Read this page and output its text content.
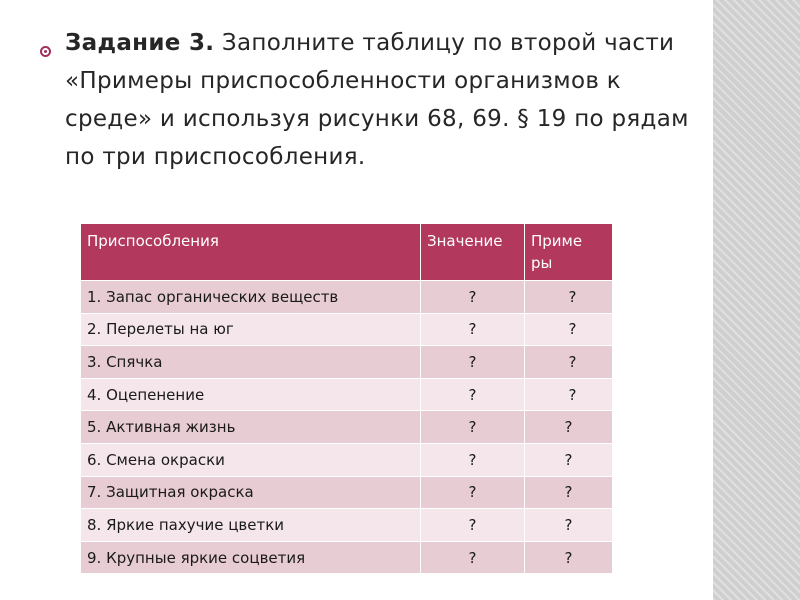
Задание 3. Заполните таблицу по второй части «Примеры приспособленности организмов к среде» и используя рисунки 68, 69. § 19 по рядам по три приспособления.

Приспособления	Значение	Приме ры
1. Запас органических веществ	?	?
2. Перелеты на юг	?	?
3. Спячка	?	?
4. Оцепенение	?	?
5. Активная жизнь	?	?
6. Смена окраски	?	?
7. Защитная окраска	?	?
8. Яркие пахучие цветки	?	?
9. Крупные яркие соцветия	?	?
